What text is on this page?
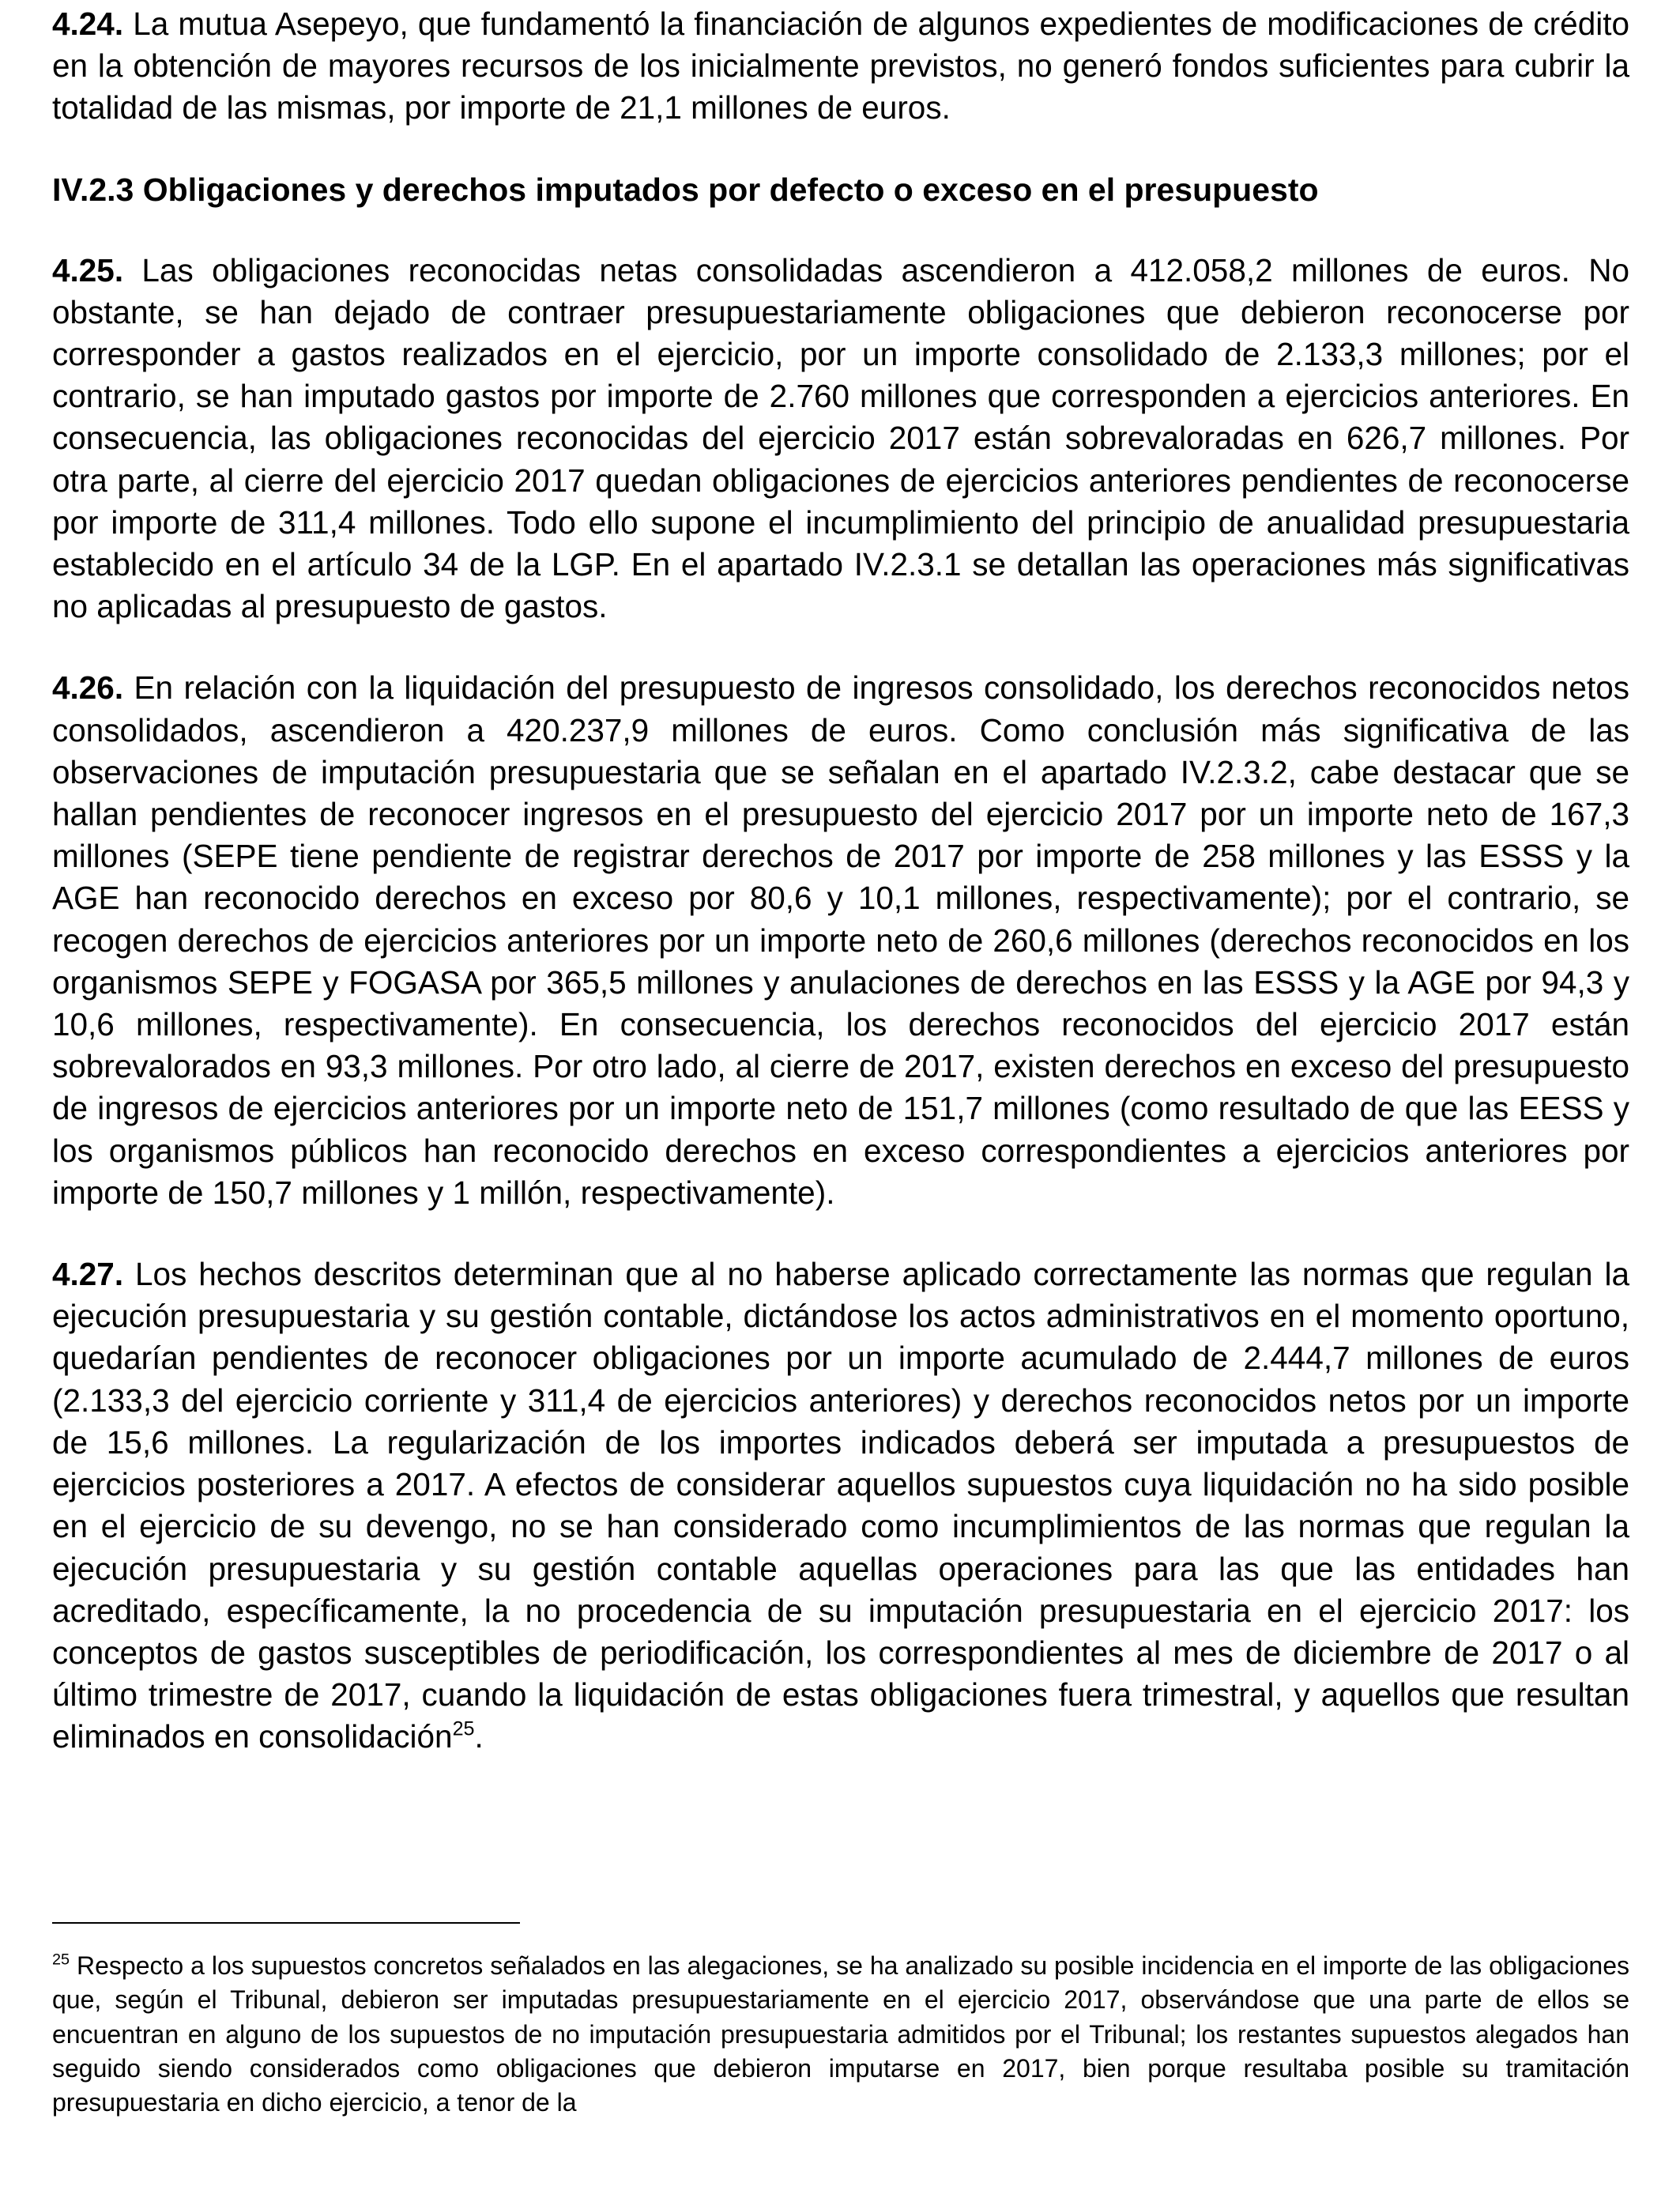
4.24. La mutua Asepeyo, que fundamentó la financiación de algunos expedientes de modificaciones de crédito en la obtención de mayores recursos de los inicialmente previstos, no generó fondos suficientes para cubrir la totalidad de las mismas, por importe de 21,1 millones de euros.

IV.2.3 Obligaciones y derechos imputados por defecto o exceso en el presupuesto

4.25. Las obligaciones reconocidas netas consolidadas ascendieron a 412.058,2 millones de euros. No obstante, se han dejado de contraer presupuestariamente obligaciones que debieron reconocerse por corresponder a gastos realizados en el ejercicio, por un importe consolidado de 2.133,3 millones; por el contrario, se han imputado gastos por importe de 2.760 millones que corresponden a ejercicios anteriores. En consecuencia, las obligaciones reconocidas del ejercicio 2017 están sobrevaloradas en 626,7 millones. Por otra parte, al cierre del ejercicio 2017 quedan obligaciones de ejercicios anteriores pendientes de reconocerse por importe de 311,4 millones. Todo ello supone el incumplimiento del principio de anualidad presupuestaria establecido en el artículo 34 de la LGP. En el apartado IV.2.3.1 se detallan las operaciones más significativas no aplicadas al presupuesto de gastos.

4.26. En relación con la liquidación del presupuesto de ingresos consolidado, los derechos reconocidos netos consolidados, ascendieron a 420.237,9 millones de euros. Como conclusión más significativa de las observaciones de imputación presupuestaria que se señalan en el apartado IV.2.3.2, cabe destacar que se hallan pendientes de reconocer ingresos en el presupuesto del ejercicio 2017 por un importe neto de 167,3 millones (SEPE tiene pendiente de registrar derechos de 2017 por importe de 258 millones y las ESSS y la AGE han reconocido derechos en exceso por 80,6 y 10,1 millones, respectivamente); por el contrario, se recogen derechos de ejercicios anteriores por un importe neto de 260,6 millones (derechos reconocidos en los organismos SEPE y FOGASA por 365,5 millones y anulaciones de derechos en las ESSS y la AGE por 94,3 y 10,6 millones, respectivamente). En consecuencia, los derechos reconocidos del ejercicio 2017 están sobrevalorados en 93,3 millones. Por otro lado, al cierre de 2017, existen derechos en exceso del presupuesto de ingresos de ejercicios anteriores por un importe neto de 151,7 millones (como resultado de que las EESS y los organismos públicos han reconocido derechos en exceso correspondientes a ejercicios anteriores por importe de 150,7 millones y 1 millón, respectivamente).

4.27. Los hechos descritos determinan que al no haberse aplicado correctamente las normas que regulan la ejecución presupuestaria y su gestión contable, dictándose los actos administrativos en el momento oportuno, quedarían pendientes de reconocer obligaciones por un importe acumulado de 2.444,7 millones de euros (2.133,3 del ejercicio corriente y 311,4 de ejercicios anteriores) y derechos reconocidos netos por un importe de 15,6 millones. La regularización de los importes indicados deberá ser imputada a presupuestos de ejercicios posteriores a 2017. A efectos de considerar aquellos supuestos cuya liquidación no ha sido posible en el ejercicio de su devengo, no se han considerado como incumplimientos de las normas que regulan la ejecución presupuestaria y su gestión contable aquellas operaciones para las que las entidades han acreditado, específicamente, la no procedencia de su imputación presupuestaria en el ejercicio 2017: los conceptos de gastos susceptibles de periodificación, los correspondientes al mes de diciembre de 2017 o al último trimestre de 2017, cuando la liquidación de estas obligaciones fuera trimestral, y aquellos que resultan eliminados en consolidación$^{25}$.

$^{25}$ Respecto a los supuestos concretos señalados en las alegaciones, se ha analizado su posible incidencia en el importe de las obligaciones que, según el Tribunal, debieron ser imputadas presupuestariamente en el ejercicio 2017, observándose que una parte de ellos se encuentran en alguno de los supuestos de no imputación presupuestaria admitidos por el Tribunal; los restantes supuestos alegados han seguido siendo considerados como obligaciones que debieron imputarse en 2017, bien porque resultaba posible su tramitación presupuestaria en dicho ejercicio, a tenor de la
